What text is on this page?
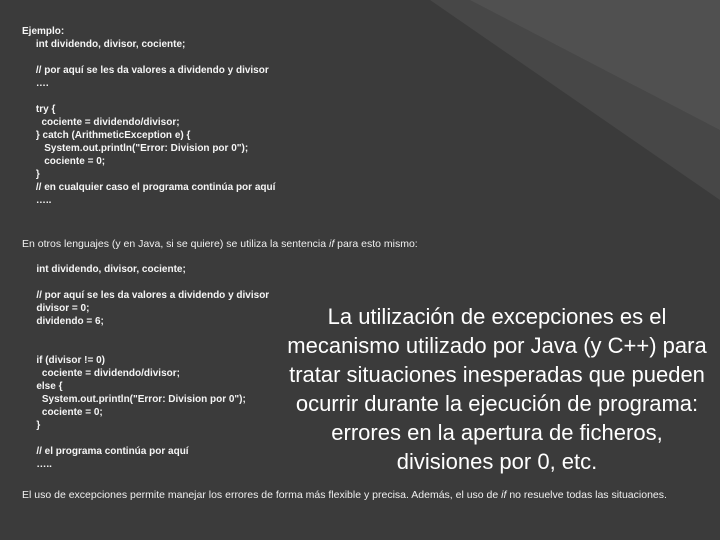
Ejemplo:
int dividendo, divisor, cociente;

// por aquí se les da valores a dividendo y divisor
….

try {
cociente = dividendo/divisor;
} catch (ArithmeticException e) {
System.out.println("Error: Division por 0");
cociente = 0;
}
// en cualquier caso el programa continúa por aquí
…..
En otros lenguajes (y en Java, si se quiere) se utiliza la sentencia if para esto mismo:
int dividendo, divisor, cociente;

// por aquí se les da valores a dividendo y divisor
divisor = 0;
dividendo = 6;

if (divisor != 0)
cociente = dividendo/divisor;
else {
System.out.println("Error: Division por 0");
cociente = 0;
}

// el programa continúa por aquí
…..
La utilización de excepciones es el mecanismo utilizado por Java (y C++) para tratar situaciones inesperadas que pueden ocurrir durante la ejecución de programa: errores en la apertura de ficheros, divisiones por 0, etc.
El uso de excepciones permite manejar los errores de forma más flexible y precisa. Además, el uso de if no resuelve todas las situaciones.
